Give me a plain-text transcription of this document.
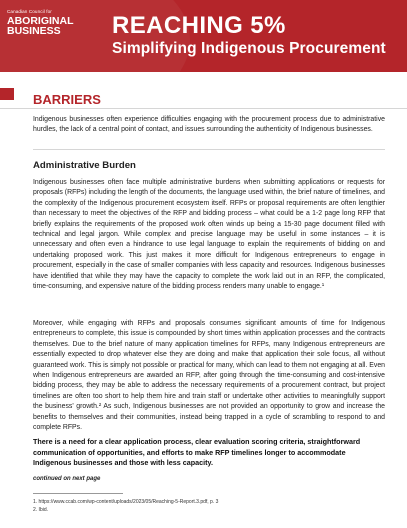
Canadian Council for
ABORIGINAL
BUSINESS	REACHING 5%
Simplifying Indigenous Procurement
BARRIERS
Indigenous businesses often experience difficulties engaging with the procurement process due to administrative hurdles, the lack of a central point of contact, and issues surrounding the authenticity of Indigenous businesses.
Administrative Burden
Indigenous businesses often face multiple administrative burdens when submitting applications or requests for proposals (RFPs) including the length of the documents, the language used within, the brief nature of timelines, and the complexity of the Indigenous procurement ecosystem itself. RFPs or proposal requirements are often lengthier than necessary to meet the objectives of the RFP and bidding process – what could be a 1-2 page long RFP that briefly explains the requirements of the proposed work often winds up being a 15-30 page document filled with technical and legal jargon. While complex and precise language may be useful in some instances – it is unnecessary and often even a hindrance to use legal language to explain the requirements of bidding on and undertaking proposed work. This just makes it more difficult for Indigenous entrepreneurs to engage in procurement, especially in the case of smaller companies with less capacity and resources. Indigenous businesses have identified that while they may have the capacity to complete the work laid out in an RFP, the complicated, time-consuming, and expensive nature of the bidding process renders many unable to engage.¹
Moreover, while engaging with RFPs and proposals consumes significant amounts of time for Indigenous entrepreneurs to complete, this issue is compounded by short times within application processes and the contracts themselves. Due to the brief nature of many application timelines for RFPs, many Indigenous entrepreneurs are essentially expected to drop whatever else they are doing and make that application their sole focus, all without guaranteed work. This is simply not possible or practical for many, which can lead to them not engaging at all. Even when Indigenous entrepreneurs are awarded an RFP, after going through the time-consuming and cost-intensive bidding process, they may be able to address the necessary requirements of a procurement contract, but project timelines are often too short to help them hire and train staff or undertake other activities to meaningfully support the business' growth.² As such, Indigenous businesses are not provided an opportunity to grow and increase the benefits to themselves and their communities, instead being trapped in a cycle of scrambling to respond to and complete RFPs.
There is a need for a clear application process, clear evaluation scoring criteria, straightforward communication of opportunities, and efforts to make RFP timelines longer to accommodate Indigenous businesses and those with less capacity.
continued on next page
1. https://www.ccab.com/wp-content/uploads/2023/05/Reaching-5-Report.3.pdf, p. 3
2. Ibid.
